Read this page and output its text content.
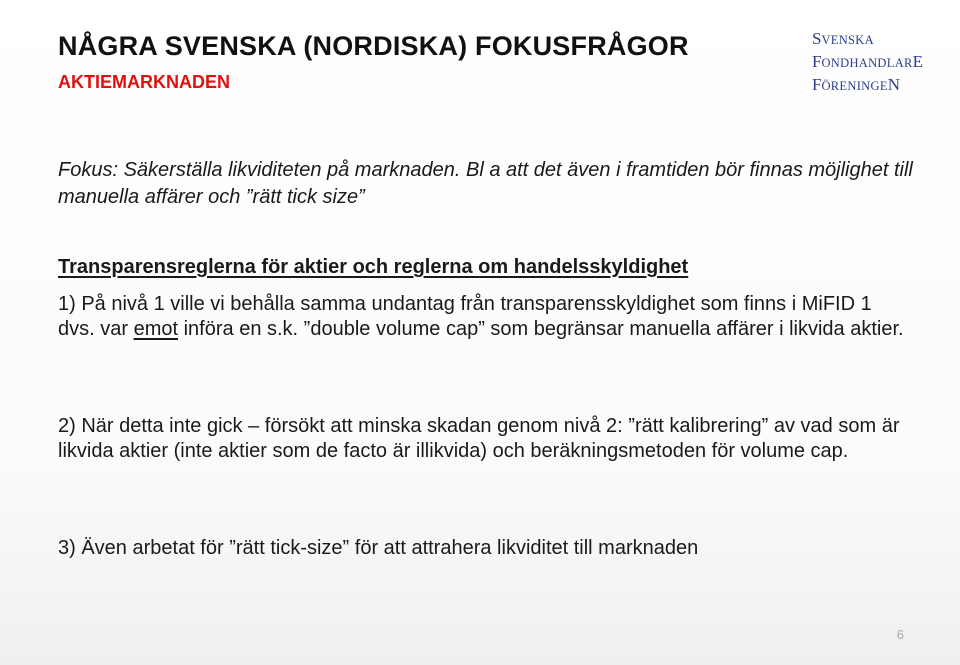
NÅGRA SVENSKA (NORDISKA) FOKUSFRÅGOR
AKTIEMARKNADEN
SVENSKA
FONDHANDLARE
FÖRENINGEN
Fokus: Säkerställa likviditeten på marknaden. Bl a att det även i framtiden bör finnas möjlighet till manuella affärer och ”rätt tick size”
Transparensreglerna för aktier och reglerna om handelsskyldighet
1) På nivå 1 ville vi behålla samma undantag från transparensskyldighet som finns i MiFID 1 dvs. var emot införa en s.k. ”double volume cap” som begränsar manuella affärer i likvida aktier.
2) När detta inte gick – försökt att minska skadan genom nivå 2: ”rätt kalibrering” av vad som är likvida aktier (inte aktier som de facto är illikvida) och beräkningsmetoden för volume cap.
3) Även arbetat för ”rätt tick-size” för att attrahera likviditet till marknaden
6
